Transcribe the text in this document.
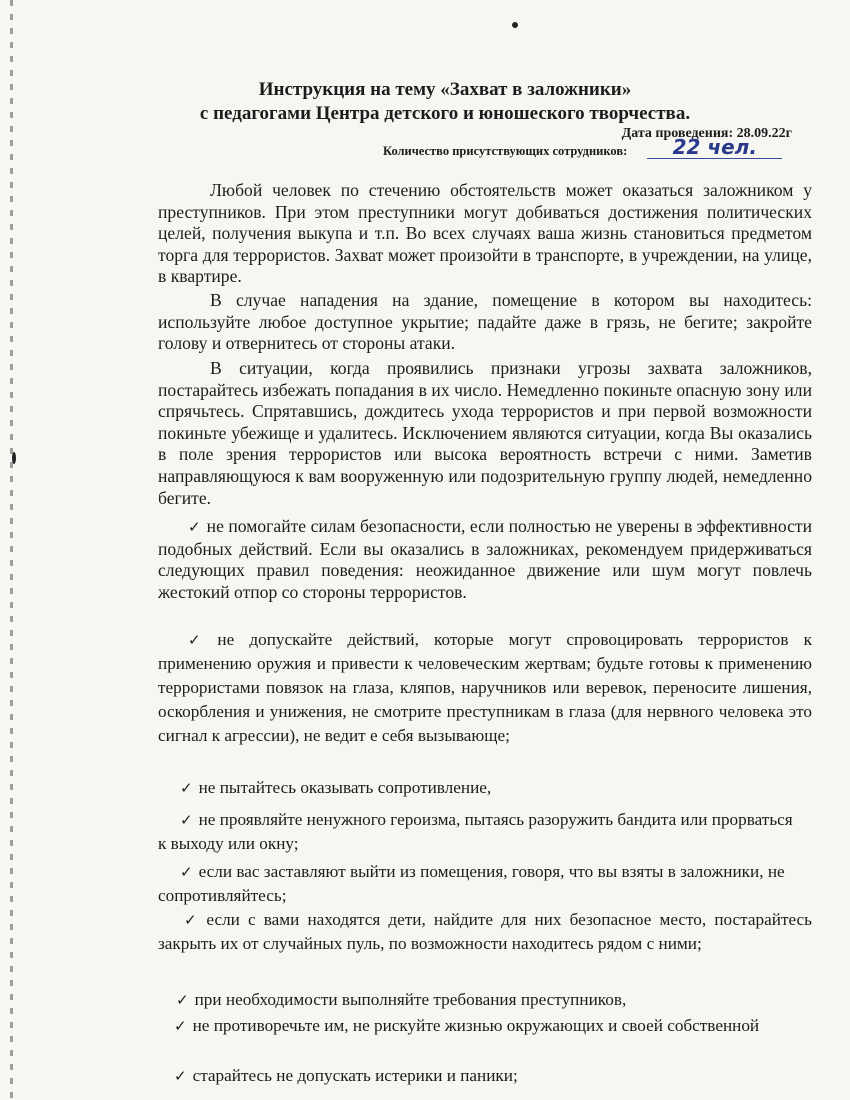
Инструкция на тему «Захват в заложники»
с педагогами Центра детского и юношеского творчества.
Дата проведения: 28.09.22г
Количество присутствующих сотрудников:	22 чел.

Любой человек по стечению обстоятельств может оказаться заложником у преступников. При этом преступники могут добиваться достижения политических целей, получения выкупа и т.п. Во всех случаях ваша жизнь становиться предметом торга для террористов. Захват может произойти в транспорте, в учреждении, на улице, в квартире.

В случае нападения на здание, помещение в котором вы находитесь: используйте любое доступное укрытие; падайте даже в грязь, не бегите; закройте голову и отвернитесь от стороны атаки.

В ситуации, когда проявились признаки угрозы захвата заложников, постарайтесь избежать попадания в их число. Немедленно покиньте опасную зону или спрячьтесь. Спрятавшись, дождитесь ухода террористов и при первой возможности покиньте убежище и удалитесь. Исключением являются ситуации, когда Вы оказались в поле зрения террористов или высока вероятность встречи с ними. Заметив направляющуюся к вам вооруженную или подозрительную группу людей, немедленно бегите.

✓ не помогайте силам безопасности, если полностью не уверены в эффективности подобных действий. Если вы оказались в заложниках, рекомендуем придерживаться следующих правил поведения: неожиданное движение или шум могут повлечь жестокий отпор со стороны террористов.

✓ не допускайте действий, которые могут спровоцировать террористов к применению оружия и привести к человеческим жертвам; будьте готовы к применению террористами повязок на глаза, кляпов, наручников или веревок, переносите лишения, оскорбления и унижения, не смотрите преступникам в глаза (для нервного человека это сигнал к агрессии), не ведит е себя вызывающе;

✓ не пытайтесь оказывать сопротивление,

✓ не проявляйте ненужного героизма, пытаясь разоружить бандита или прорваться к выходу или окну;

✓ если вас заставляют выйти из помещения, говоря, что вы взяты в заложники, не сопротивляйтесь;

✓ если с вами находятся дети, найдите для них безопасное место, постарайтесь закрыть их от случайных пуль, по возможности находитесь рядом с ними;

✓ при необходимости выполняйте требования преступников,

✓ не противоречьте им, не рискуйте жизнью окружающих и своей собственной

✓ старайтесь не допускать истерики и паники;
